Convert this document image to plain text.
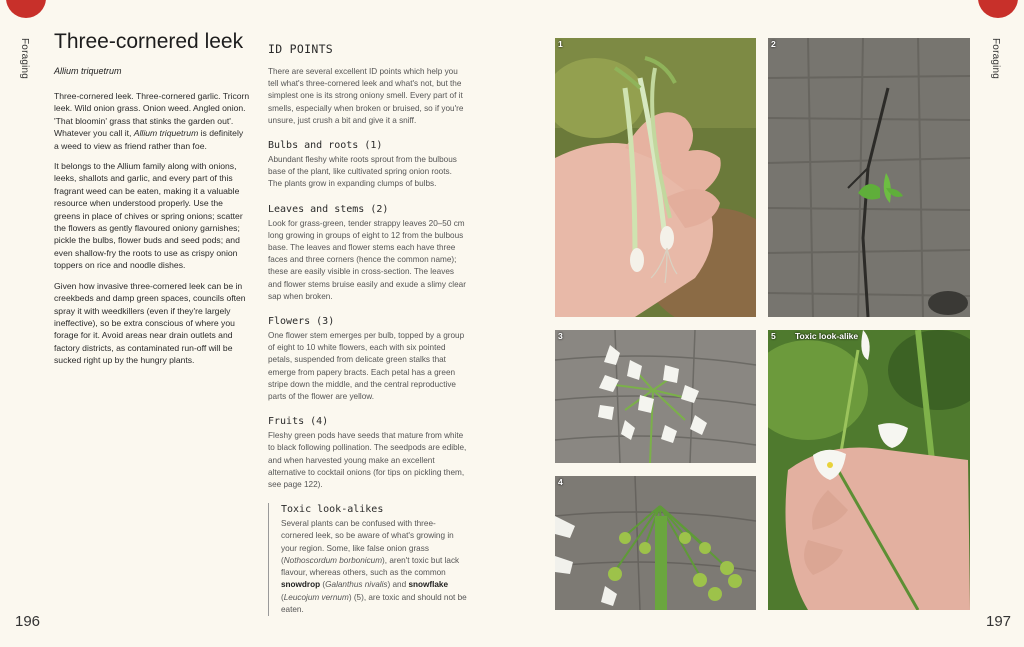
Foraging	Foraging
196	197
Three-cornered leek
Allium triquetrum

Three-cornered leek. Three-cornered garlic. Tricorn leek. Wild onion grass. Onion weed. Angled onion. 'That bloomin' grass that stinks the garden out'. Whatever you call it, Allium triquetrum is definitely a weed to view as friend rather than foe.

It belongs to the Allium family along with onions, leeks, shallots and garlic, and every part of this fragrant weed can be eaten, making it a valuable resource when understood properly. Use the greens in place of chives or spring onions; scatter the flowers as gently flavoured oniony garnishes; pickle the bulbs, flower buds and seed pods; and even shallow-fry the roots to use as crispy onion toppers on rice and noodle dishes.

Given how invasive three-cornered leek can be in creekbeds and damp green spaces, councils often spray it with weedkillers (even if they're largely ineffective), so be extra conscious of where you forage for it. Avoid areas near drain outlets and factory districts, as contaminated run-off will be sucked right up by the hungry plants.

ID POINTS

There are several excellent ID points which help you tell what's three-cornered leek and what's not, but the simplest one is its strong oniony smell. Every part of it smells, especially when broken or bruised, so if you're unsure, just crush a bit and give it a sniff.

Bulbs and roots (1)

Abundant fleshy white roots sprout from the bulbous base of the plant, like cultivated spring onion roots. The plants grow in expanding clumps of bulbs.

Leaves and stems (2)

Look for grass-green, tender strappy leaves 20–50 cm long growing in groups of eight to 12 from the bulbous base. The leaves and flower stems each have three faces and three corners (hence the common name); these are easily visible in cross-section. The leaves and flower stems bruise easily and exude a slimy clear sap when broken.

Flowers (3)

One flower stem emerges per bulb, topped by a group of eight to 10 white flowers, each with six pointed petals, suspended from delicate green stalks that emerge from papery bracts. Each petal has a green stripe down the middle, and the central reproductive parts of the flower are yellow.

Fruits (4)

Fleshy green pods have seeds that mature from white to black following pollination. The seedpods are edible, and when harvested young make an excellent alternative to cocktail onions (for tips on pickling them, see page 122).

Toxic look-alikes

Several plants can be confused with three-cornered leek, so be aware of what's growing in your region. Some, like false onion grass (Nothoscordum borbonicum), aren't toxic but lack flavour, whereas others, such as the common snowdrop (Galanthus nivalis) and snowflake (Leucojum vernum) (5), are toxic and should not be eaten.

1	2
3
4
5 Toxic look-alike
